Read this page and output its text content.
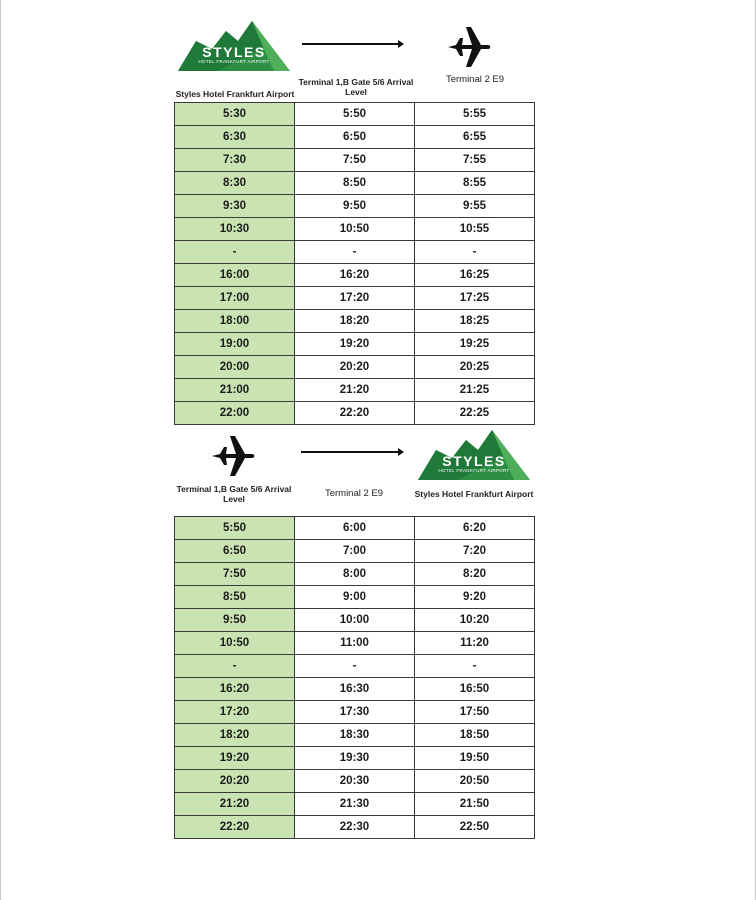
STYLES
HOTEL FRANKFURT AIRPORT
Styles Hotel Frankfurt Airport
Terminal 1,B Gate 5/6 Arrival Level
Terminal 2 E9
5:30	5:50	5:55
6:30	6:50	6:55
7:30	7:50	7:55
8:30	8:50	8:55
9:30	9:50	9:55
10:30	10:50	10:55
-	-	-
16:00	16:20	16:25
17:00	17:20	17:25
18:00	18:20	18:25
19:00	19:20	19:25
20:00	20:20	20:25
21:00	21:20	21:25
22:00	22:20	22:25
STYLES
HOTEL FRANKFURT AIRPORT
Terminal 1,B Gate 5/6 Arrival Level	Terminal 2 E9	Styles Hotel Frankfurt Airport
5:50	6:00	6:20
6:50	7:00	7:20
7:50	8:00	8:20
8:50	9:00	9:20
9:50	10:00	10:20
10:50	11:00	11:20
-	-	-
16:20	16:30	16:50
17:20	17:30	17:50
18:20	18:30	18:50
19:20	19:30	19:50
20:20	20:30	20:50
21:20	21:30	21:50
22:20	22:30	22:50
